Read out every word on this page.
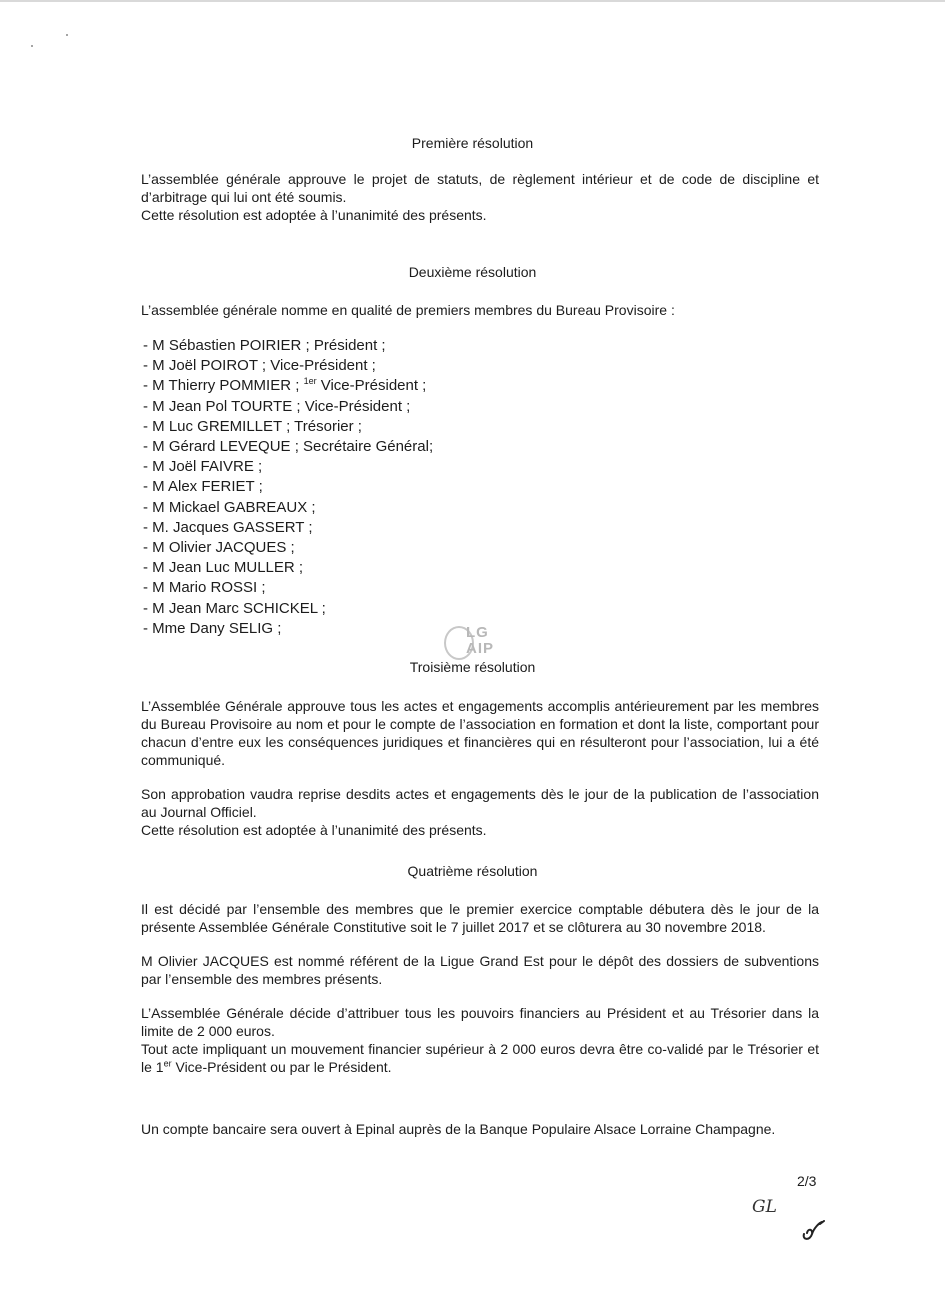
Première résolution

L’assemblée générale approuve le projet de statuts, de règlement intérieur et de code de discipline et d’arbitrage qui lui ont été soumis.

Cette résolution est adoptée à l’unanimité des présents.

Deuxième résolution
L’assemblée générale nomme en qualité de premiers membres du Bureau Provisoire :
- M Sébastien POIRIER ; Président ;
- M Joël POIROT ; Vice-Président ;
- M Thierry POMMIER ; $^{1er}$ Vice-Président ;
- M Jean Pol TOURTE ; Vice-Président ;
- M Luc GREMILLET ; Trésorier ;
- M Gérard LEVEQUE ; Secrétaire Général;
- M Joël FAIVRE ;
- M Alex FERIET ;
- M Mickael GABREAUX ;
- M. Jacques GASSERT ;
- M Olivier JACQUES ;
- M Jean Luc MULLER ;
- M Mario ROSSI ;
- M Jean Marc SCHICKEL ;
- Mme Dany SELIG ;	LG
AIP
Troisième résolution

L’Assemblée Générale approuve tous les actes et engagements accomplis antérieurement par les membres du Bureau Provisoire au nom et pour le compte de l’association en formation et dont la liste, comportant pour chacun d’entre eux les conséquences juridiques et financières qui en résulteront pour l’association, lui a été communiqué.

Son approbation vaudra reprise desdits actes et engagements dès le jour de la publication de l’association au Journal Officiel.

Cette résolution est adoptée à l’unanimité des présents.

Quatrième résolution

Il est décidé par l’ensemble des membres que le premier exercice comptable débutera dès le jour de la présente Assemblée Générale Constitutive soit le 7 juillet 2017 et se clôturera au 30 novembre 2018.

M Olivier JACQUES est nommé référent de la Ligue Grand Est pour le dépôt des dossiers de subventions par l’ensemble des membres présents.

L’Assemblée Générale décide d’attribuer tous les pouvoirs financiers au Président et au Trésorier dans la limite de 2 000 euros.

Tout acte impliquant un mouvement financier supérieur à 2 000 euros devra être co-validé par le Trésorier et le 1er Vice-Président ou par le Président.

Un compte bancaire sera ouvert à Epinal auprès de la Banque Populaire Alsace Lorraine Champagne.
2/3
GL
